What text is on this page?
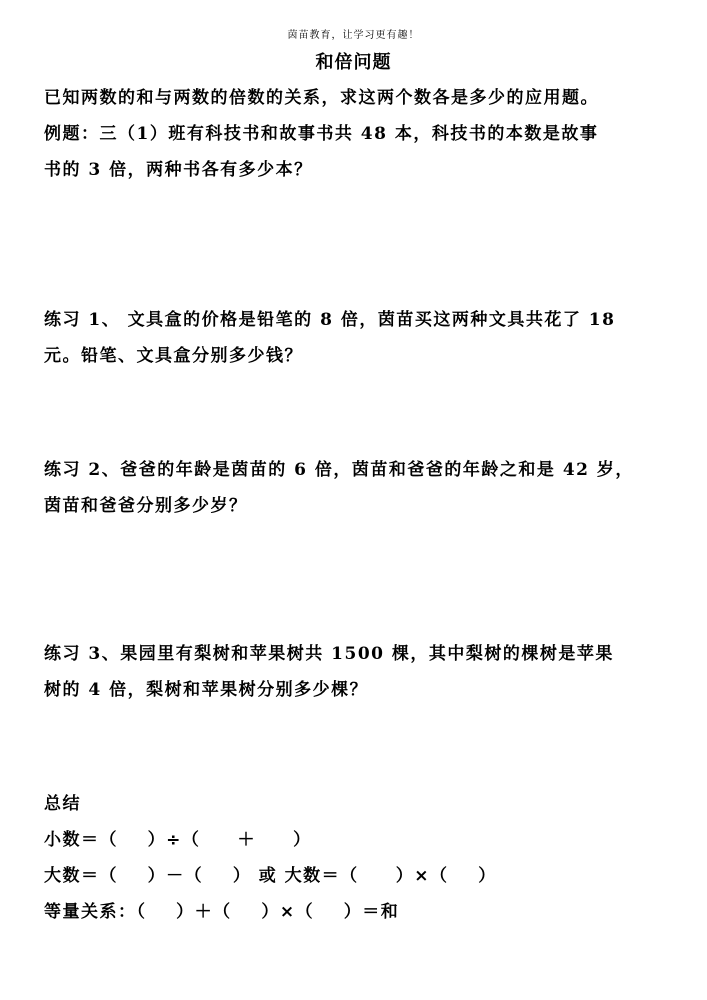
茵苗教育，让学习更有趣！
和倍问题
已知两数的和与两数的倍数的关系，求这两个数各是多少的应用题。
例题：三（1）班有科技书和故事书共 48 本，科技书的本数是故事
书的 3 倍，两种书各有多少本？
练习 1、 文具盒的价格是铅笔的 8 倍，茵苗买这两种文具共花了 18
元。铅笔、文具盒分别多少钱？
练习 2、爸爸的年龄是茵苗的 6 倍，茵苗和爸爸的年龄之和是 42 岁，
茵苗和爸爸分别多少岁？
练习 3、果园里有梨树和苹果树共 1500 棵，其中梨树的棵树是苹果
树的 4 倍，梨树和苹果树分别多少棵？
总结
小数＝（    ）÷（     ＋     ）
大数＝（    ）－（    ） 或 大数＝（     ）×（    ）
等量关系：（    ）＋（    ）×（    ）＝和
